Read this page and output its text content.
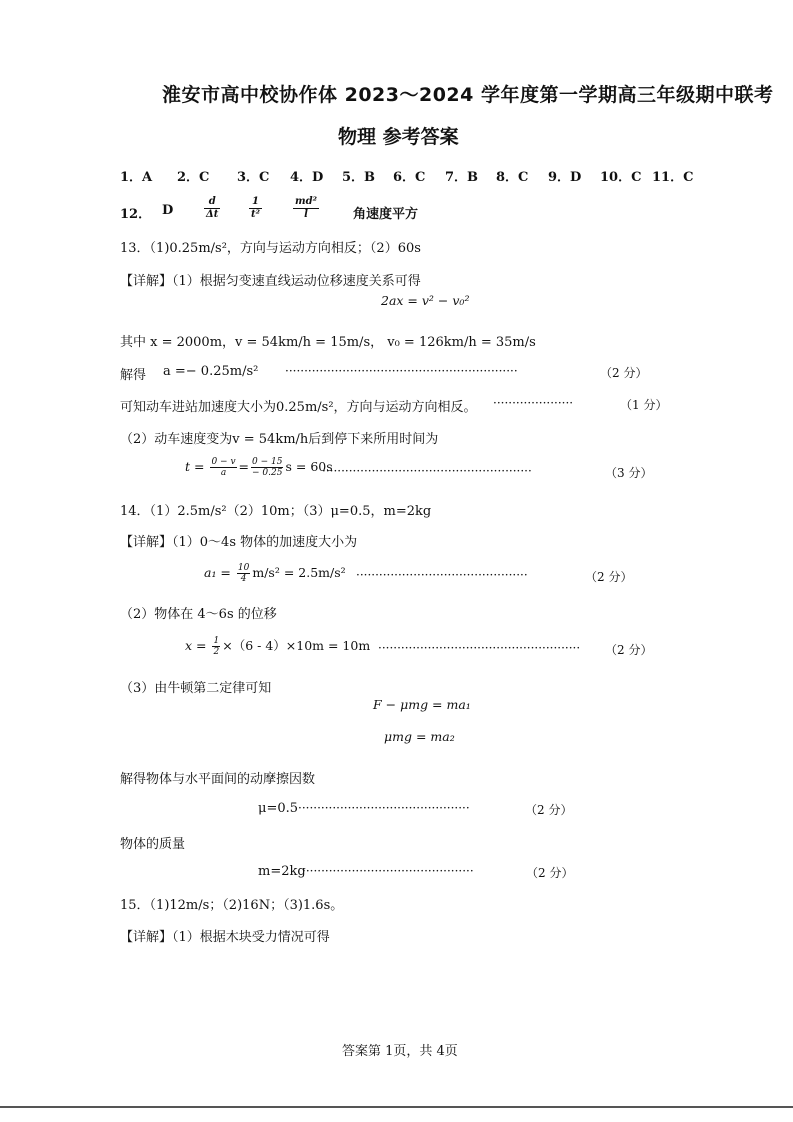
淮安市高中校协作体 2023～2024 学年度第一学期高三年级期中联考
物理 参考答案
1．A 2．C 3．C 4．D 5．B 6．C 7．B 8．C 9．D 10．C 11．C
12． D	$\frac{d}{\Delta t}$	$\frac{1}{\text{t²}}$	$\frac{\text{md²}}{l}$	角速度平方
13．（1)0.25m/s²，方向与运动方向相反；（2）60s
【详解】（1）根据匀变速直线运动位移速度关系可得
2ax = v² − v₀²
其中 x = 2000m，v = 54km/h = 15m/s， v₀ = 126km/h = 35m/s
解得 a =− 0.25m/s² ·····························································	（2 分）
可知动车进站加速度大小为0.25m/s²，方向与运动方向相反。 ·····················	（1 分）
（2）动车速度变为v = 54km/h后到停下来所用时间为
$t = \frac{0 - v}{a} = \frac{0 - 15}{- 0.25}$ s = 60s
·······················································	（3 分）
14．（1）2.5m/s²（2）10m；（3）μ=0.5，m=2kg
【详解】（1）0～4s 物体的加速度大小为
$a_1 = \frac{10}{4} m/s^2 = 2.5m/s^2$ ·············································	（2 分）
（2）物体在 4～6s 的位移
$x = \frac{1}{2} \times(6$ ‐ 4）×10m = 10m ····················································· （2 分）
（3）由牛顿第二定律可知
F − μmg = ma₁
μmg = ma₂
解得物体与水平面间的动摩擦因数
μ=0.5 ·············································	（2 分）
物体的质量
m=2kg
·············································	（2 分）
15．（1)12m/s；（2)16N；（3)1.6s。
【详解】（1）根据木块受力情况可得
答案第 1页，共 4页
